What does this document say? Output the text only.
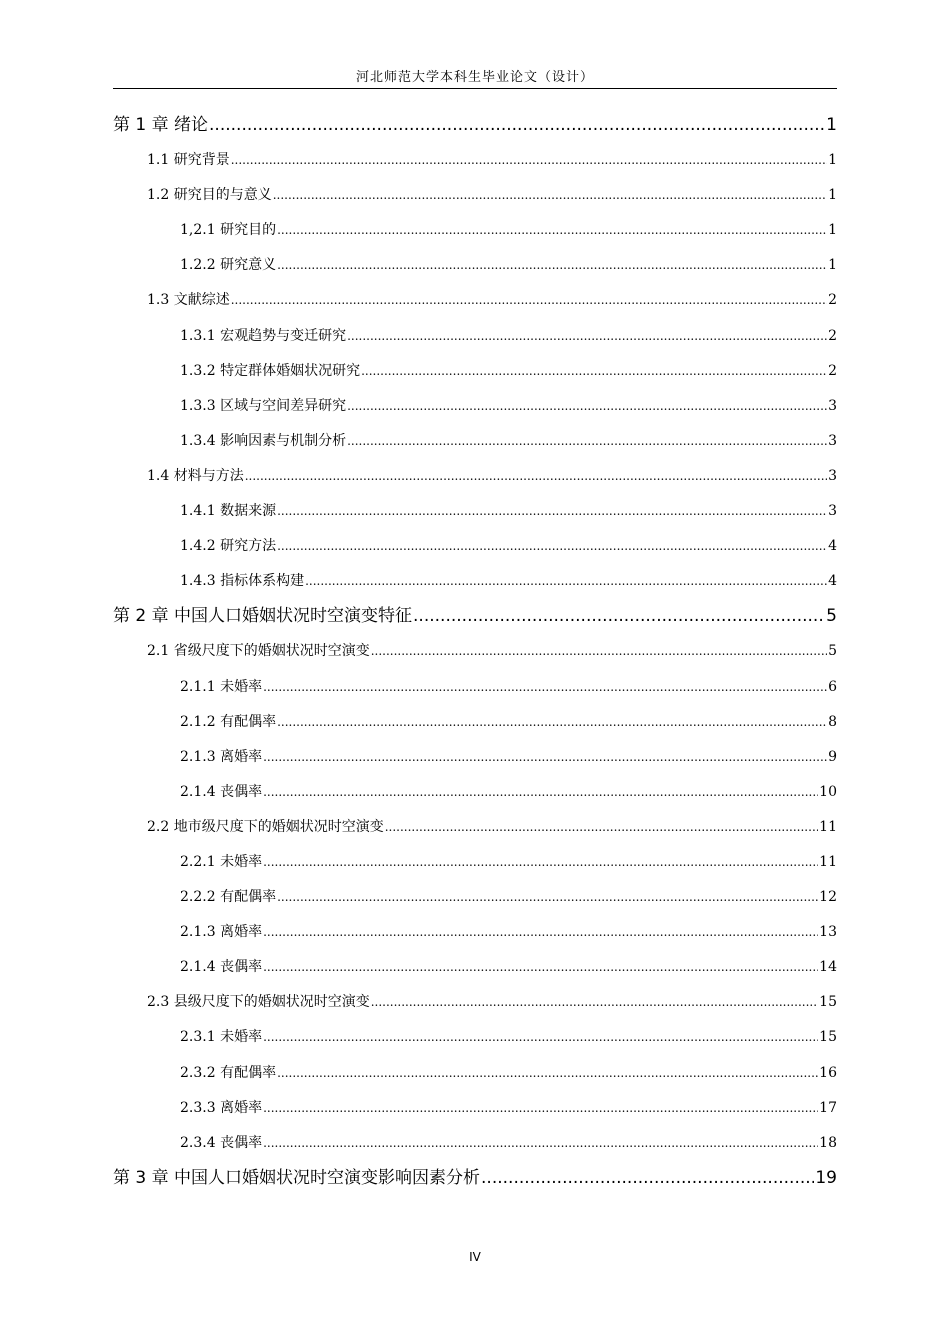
河北师范大学本科生毕业论文（设计）
第 1 章 绪论 .....	1
1.1 研究背景 .....	1
1.2 研究目的与意义 .....	1
1,2.1 研究目的 .....	1
1.2.2 研究意义 .....	1
1.3 文献综述 .....	2
1.3.1 宏观趋势与变迁研究 .....	2
1.3.2 特定群体婚姻状况研究 .....	2
1.3.3 区域与空间差异研究 .....	3
1.3.4 影响因素与机制分析 .....	3
1.4 材料与方法 .....	3
1.4.1 数据来源 .....	3
1.4.2 研究方法 .....	4
1.4.3 指标体系构建 .....	4
第 2 章 中国人口婚姻状况时空演变特征 .....	5
2.1 省级尺度下的婚姻状况时空演变 .....	5
2.1.1 未婚率 .....	6
2.1.2 有配偶率 .....	8
2.1.3 离婚率 .....	9
2.1.4 丧偶率 .....	10
2.2 地市级尺度下的婚姻状况时空演变 .....	11
2.2.1 未婚率 .....	11
2.2.2 有配偶率 .....	12
2.1.3 离婚率 .....	13
2.1.4 丧偶率 .....	14
2.3 县级尺度下的婚姻状况时空演变 .....	15
2.3.1 未婚率 .....	15
2.3.2 有配偶率 .....	16
2.3.3 离婚率 .....	17
2.3.4 丧偶率 .....	18
第 3 章 中国人口婚姻状况时空演变影响因素分析 .....	19
IV
